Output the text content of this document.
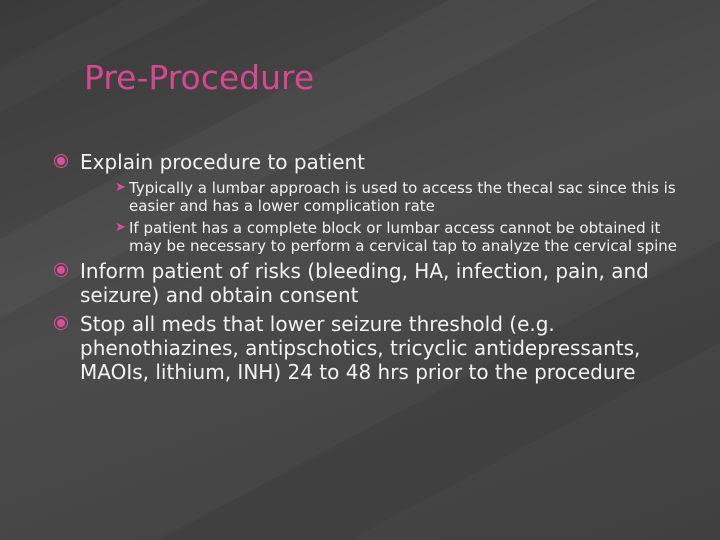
Pre-Procedure
Explain procedure to patient
➤ Typically a lumbar approach is used to access the thecal sac since this is easier and has a lower complication rate
➤ If patient has a complete block or lumbar access cannot be obtained it may be necessary to perform a cervical tap to analyze the cervical spine
Inform patient of risks (bleeding, HA, infection, pain, and seizure) and obtain consent
Stop all meds that lower seizure threshold (e.g. phenothiazines, antipschotics, tricyclic antidepressants, MAOIs, lithium, INH) 24 to 48 hrs prior to the procedure
